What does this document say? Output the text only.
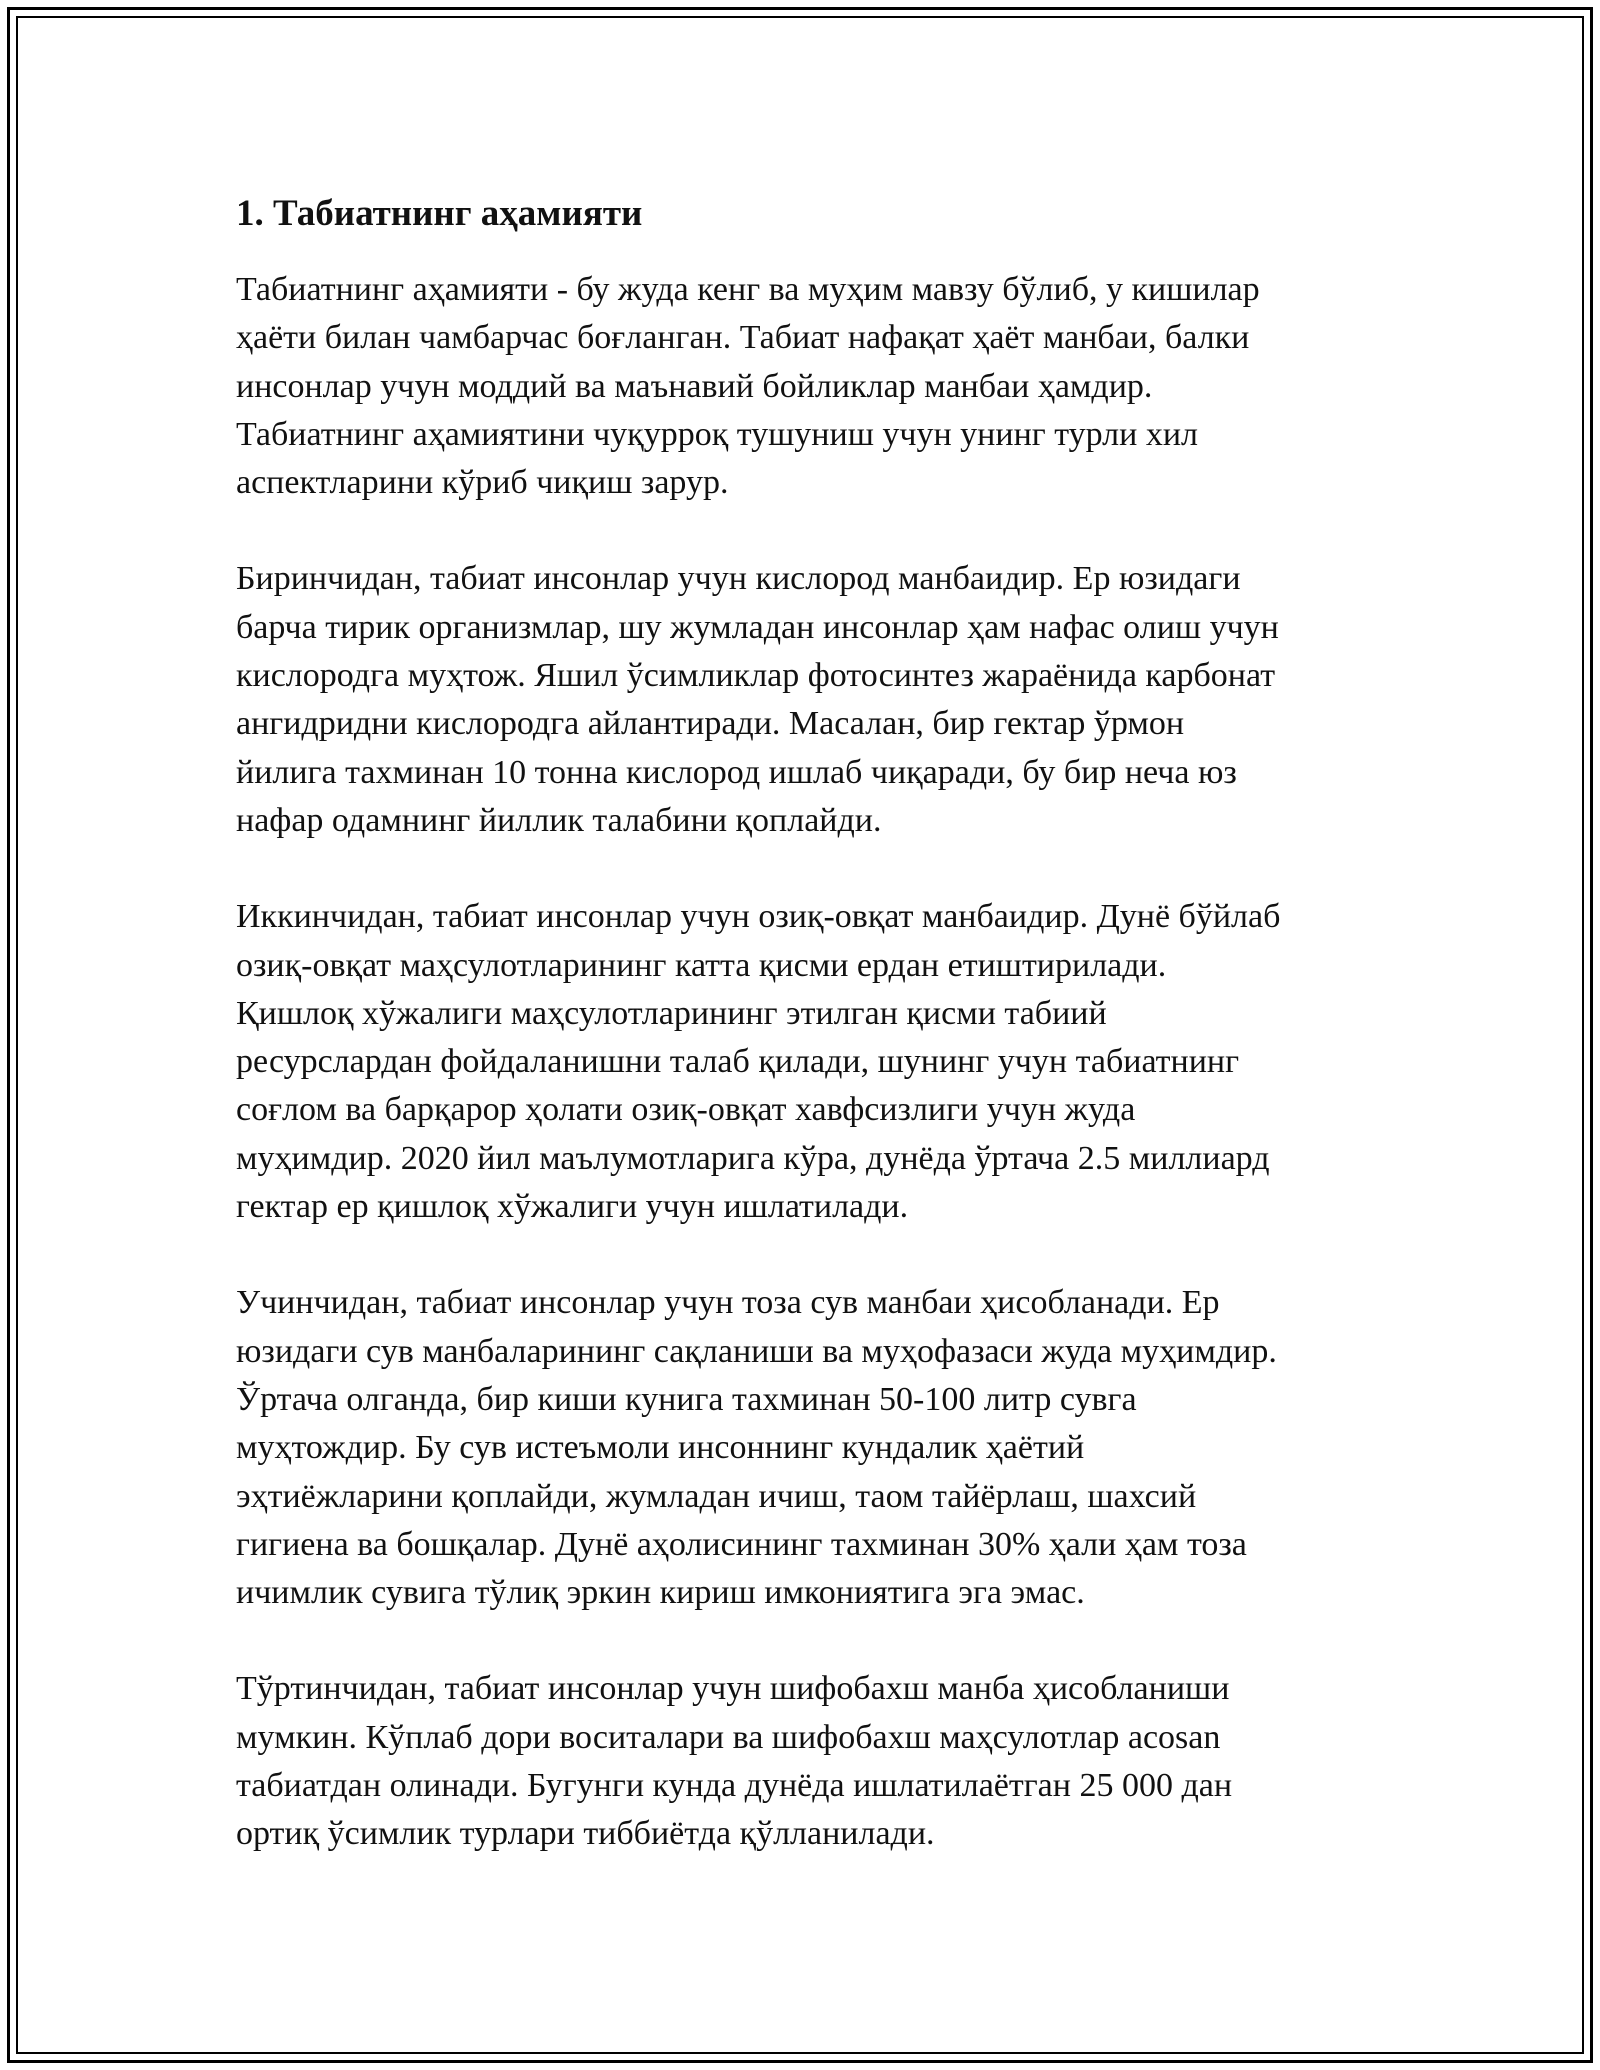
1. Табиатнинг аҳамияти
Табиатнинг аҳамияти - бу жуда кенг ва муҳим мавзу бўлиб, у кишилар
ҳаёти билан чамбарчас боғланган. Табиат нафақат ҳаёт манбаи, балки
инсонлар учун моддий ва маънавий бойликлар манбаи ҳамдир.
Табиатнинг аҳамиятини чуқурроқ тушуниш учун унинг турли хил
аспектларини кўриб чиқиш зарур.
Биринчидан, табиат инсонлар учун кислород манбаидир. Ер юзидаги
барча тирик организмлар, шу жумладан инсонлар ҳам нафас олиш учун
кислородга муҳтож. Яшил ўсимликлар фотосинтез жараёнида карбонат
ангидридни кислородга айлантиради. Масалан, бир гектар ўрмон
йилига тахминан 10 тонна кислород ишлаб чиқаради, бу бир неча юз
нафар одамнинг йиллик талабини қоплайди.
Иккинчидан, табиат инсонлар учун озиқ-овқат манбаидир. Дунё бўйлаб
озиқ-овқат маҳсулотларининг катта қисми ердан етиштирилади.
Қишлоқ хўжалиги маҳсулотларининг этилган қисми табиий
ресурслардан фойдаланишни талаб қилади, шунинг учун табиатнинг
соғлом ва барқарор ҳолати озиқ-овқат хавфсизлиги учун жуда
муҳимдир. 2020 йил маълумотларига кўра, дунёда ўртача 2.5 миллиард
гектар ер қишлоқ хўжалиги учун ишлатилади.
Учинчидан, табиат инсонлар учун тоза сув манбаи ҳисобланади. Ер
юзидаги сув манбаларининг сақланиши ва муҳофазаси жуда муҳимдир.
Ўртача олганда, бир киши кунига тахминан 50-100 литр сувга
муҳтождир. Бу сув истеъмоли инсоннинг кундалик ҳаётий
эҳтиёжларини қоплайди, жумладан ичиш, таом тайёрлаш, шахсий
гигиена ва бошқалар. Дунё аҳолисининг тахминан 30% ҳали ҳам тоза
ичимлик сувига тўлиқ эркин кириш имкониятига эга эмас.
Тўртинчидан, табиат инсонлар учун шифобахш манба ҳисобланиши
мумкин. Кўплаб дори воситалари ва шифобахш маҳсулотлар acosan
табиатдан олинади. Бугунги кунда дунёда ишлатилаётган 25 000 дан
ортиқ ўсимлик турлари тиббиётда қўлланилади.
